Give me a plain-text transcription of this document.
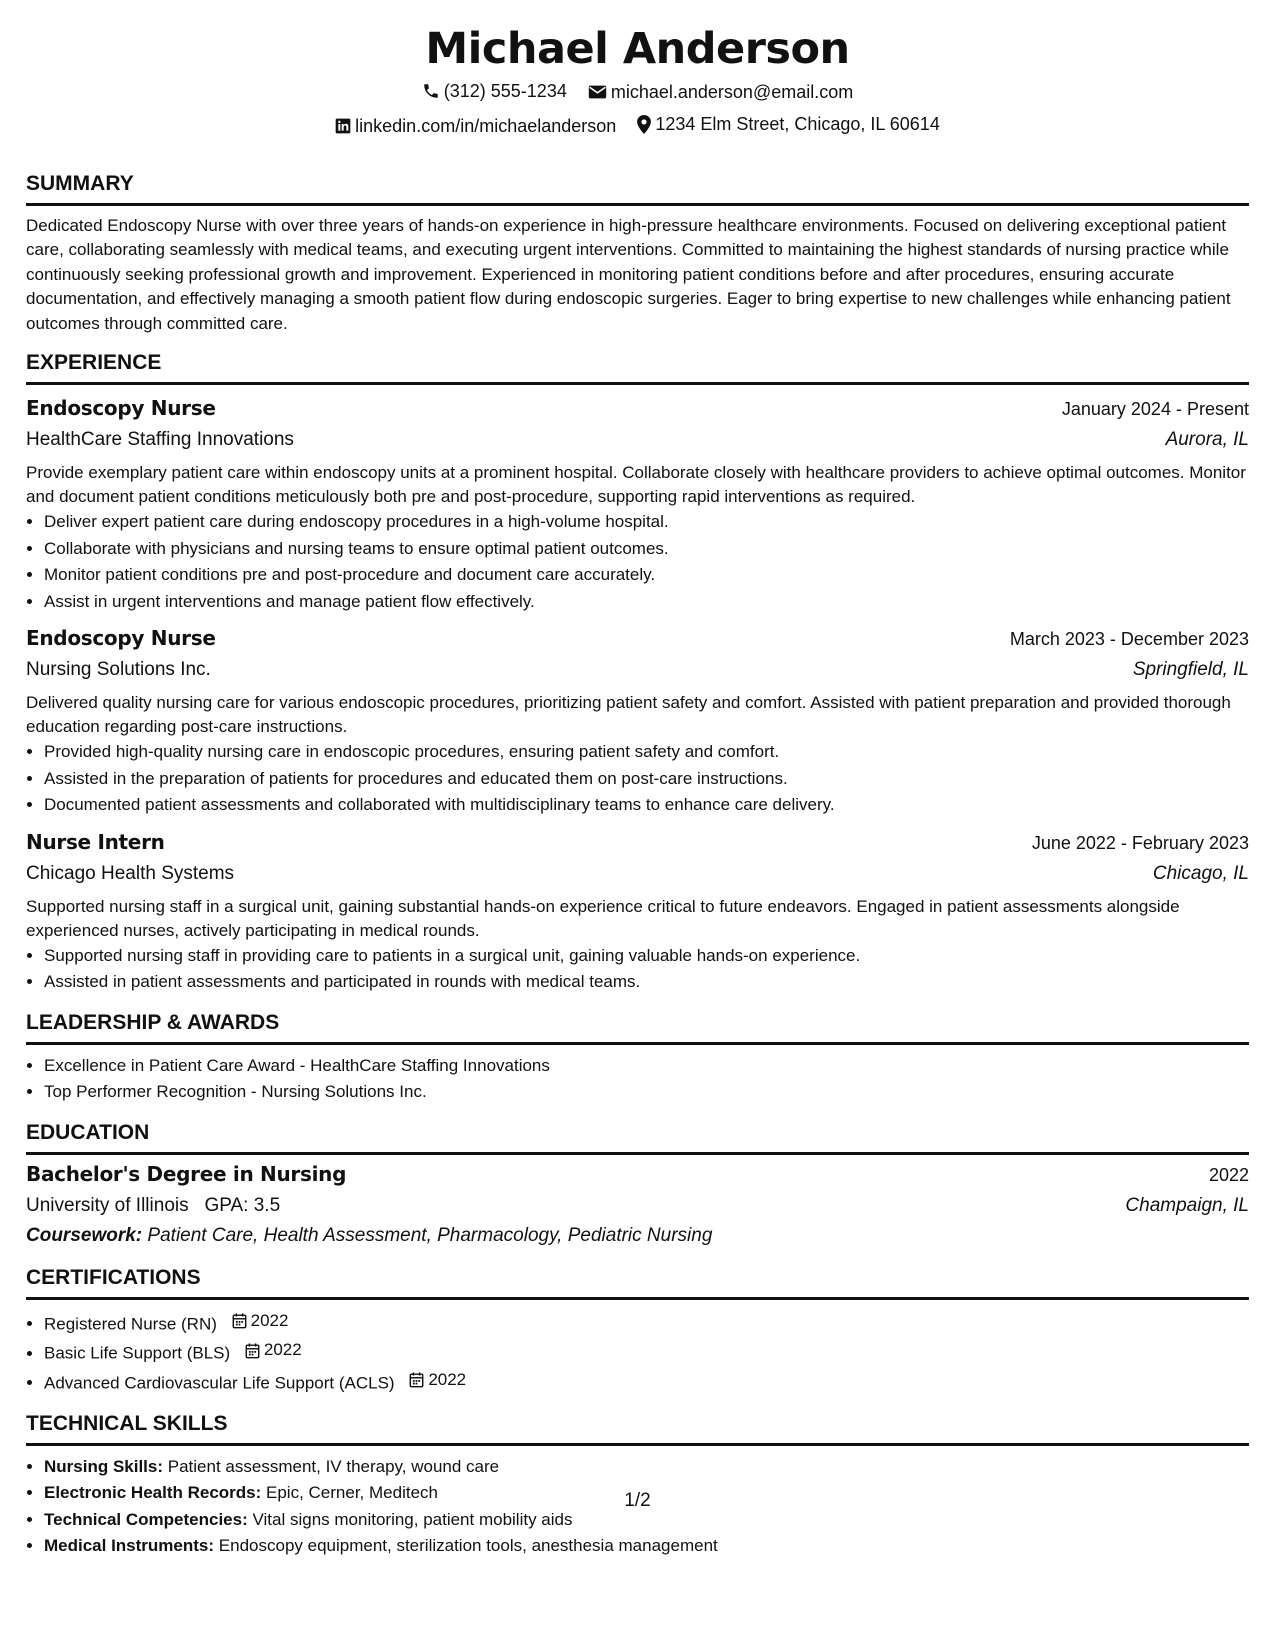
Michael Anderson
(312) 555-1234
michael.anderson@email.com
linkedin.com/in/michaelanderson
1234 Elm Street, Chicago, IL 60614
SUMMARY

Dedicated Endoscopy Nurse with over three years of hands-on experience in high-pressure healthcare environments. Focused on delivering exceptional patient care, collaborating seamlessly with medical teams, and executing urgent interventions. Committed to maintaining the highest standards of nursing practice while continuously seeking professional growth and improvement. Experienced in monitoring patient conditions before and after procedures, ensuring accurate documentation, and effectively managing a smooth patient flow during endoscopic surgeries. Eager to bring expertise to new challenges while enhancing patient outcomes through committed care.

EXPERIENCE
Endoscopy Nurse	January 2024 - Present
HealthCare Staffing Innovations	Aurora, IL

Provide exemplary patient care within endoscopy units at a prominent hospital. Collaborate closely with healthcare providers to achieve optimal outcomes. Monitor and document patient conditions meticulously both pre and post-procedure, supporting rapid interventions as required.

• Deliver expert patient care during endoscopy procedures in a high-volume hospital.
• Collaborate with physicians and nursing teams to ensure optimal patient outcomes.
• Monitor patient conditions pre and post-procedure and document care accurately.
• Assist in urgent interventions and manage patient flow effectively.
Endoscopy Nurse	March 2023 - December 2023
Nursing Solutions Inc.	Springfield, IL

Delivered quality nursing care for various endoscopic procedures, prioritizing patient safety and comfort. Assisted with patient preparation and provided thorough education regarding post-care instructions.

• Provided high-quality nursing care in endoscopic procedures, ensuring patient safety and comfort.
• Assisted in the preparation of patients for procedures and educated them on post-care instructions.
• Documented patient assessments and collaborated with multidisciplinary teams to enhance care delivery.
Nurse Intern	June 2022 - February 2023
Chicago Health Systems	Chicago, IL

Supported nursing staff in a surgical unit, gaining substantial hands-on experience critical to future endeavors. Engaged in patient assessments alongside experienced nurses, actively participating in medical rounds.

• Supported nursing staff in providing care to patients in a surgical unit, gaining valuable hands-on experience.
• Assisted in patient assessments and participated in rounds with medical teams.
LEADERSHIP & AWARDS
• Excellence in Patient Care Award - HealthCare Staffing Innovations
• Top Performer Recognition - Nursing Solutions Inc.
EDUCATION
Bachelor's Degree in Nursing	2022
University of Illinois GPA: 3.5	Champaign, IL
Coursework: Patient Care, Health Assessment, Pharmacology, Pediatric Nursing
CERTIFICATIONS
• Registered Nurse (RN) 2022
• Basic Life Support (BLS) 2022
• Advanced Cardiovascular Life Support (ACLS) 2022
TECHNICAL SKILLS
• Nursing Skills: Patient assessment, IV therapy, wound care
• Electronic Health Records: Epic, Cerner, Meditech
• Technical Competencies: Vital signs monitoring, patient mobility aids
• Medical Instruments: Endoscopy equipment, sterilization tools, anesthesia management
1/2
